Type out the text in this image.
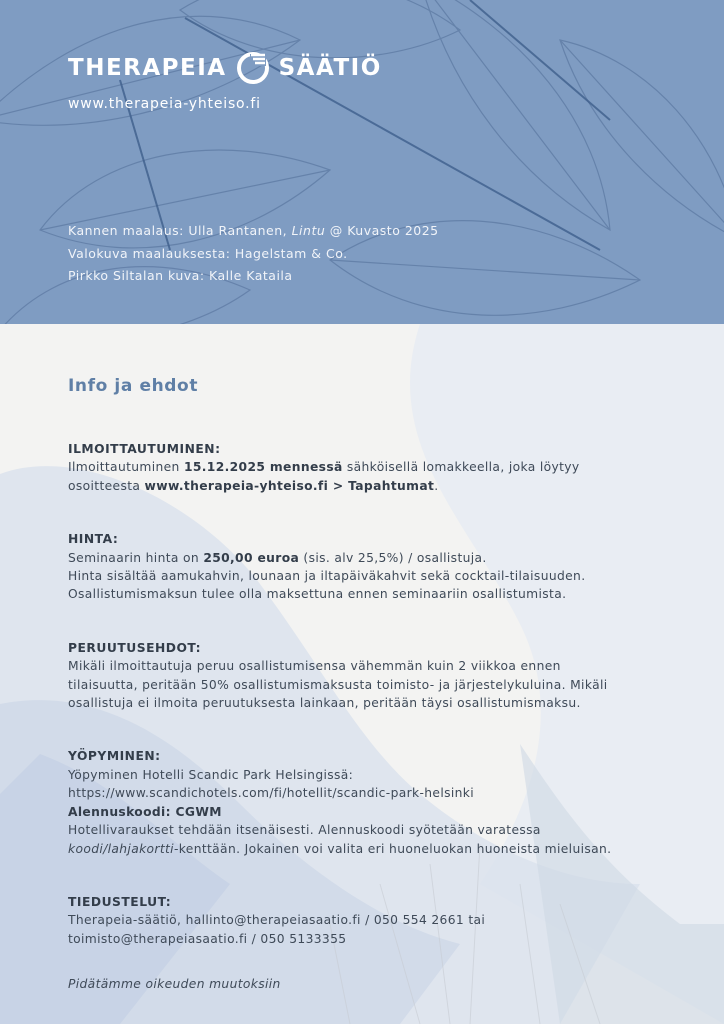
THERAPEIA SÄÄTIÖ
www.therapeia-yhteiso.fi
Kannen maalaus: Ulla Rantanen, Lintu @ Kuvasto 2025
Valokuva maalauksesta: Hagelstam & Co.
Pirkko Siltalan kuva: Kalle Kataila
Info ja ehdot
ILMOITTAUTUMINEN:

Ilmoittautuminen 15.12.2025 mennessä sähköisellä lomakkeella, joka löytyy
osoitteesta www.therapeia-yhteiso.fi > Tapahtumat.

HINTA:

Seminaarin hinta on 250,00 euroa (sis. alv 25,5%) / osallistuja.
Hinta sisältää aamukahvin, lounaan ja iltapäiväkahvit sekä cocktail-tilaisuuden.
Osallistumismaksun tulee olla maksettuna ennen seminaariin osallistumista.

PERUUTUSEHDOT:

Mikäli ilmoittautuja peruu osallistumisensa vähemmän kuin 2 viikkoa ennen
tilaisuutta, peritään 50% osallistumismaksusta toimisto- ja järjestelykuluina. Mikäli
osallistuja ei ilmoita peruutuksesta lainkaan, peritään täysi osallistumismaksu.

YÖPYMINEN:

Yöpyminen Hotelli Scandic Park Helsingissä:
https://www.scandichotels.com/fi/hotellit/scandic-park-helsinki
Alennuskoodi: CGWM
Hotellivaraukset tehdään itsenäisesti. Alennuskoodi syötetään varatessa
koodi/lahjakortti-kenttään. Jokainen voi valita eri huoneluokan huoneista mieluisan.

TIEDUSTELUT:

Therapeia-säätiö, hallinto@therapeiasaatio.fi / 050 554 2661 tai
toimisto@therapeiasaatio.fi / 050 5133355

Pidätämme oikeuden muutoksiin
